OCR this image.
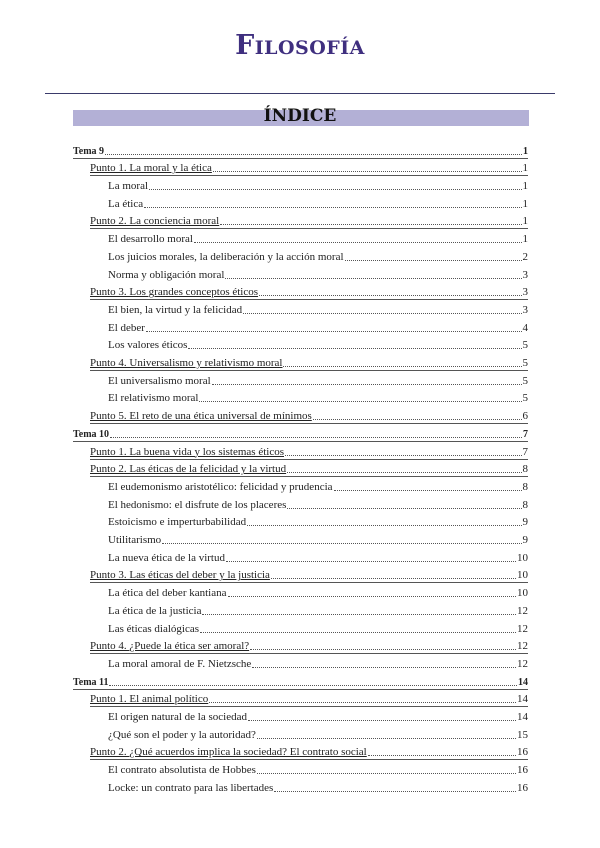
Filosofía
ÍNDICE
Tema 9	1
Punto 1. La moral y la ética	1
La moral	1
La ética	1
Punto 2. La conciencia moral	1
El desarrollo moral	1
Los juicios morales, la deliberación y la acción moral	2
Norma y obligación moral	3
Punto 3. Los grandes conceptos éticos	3
El bien, la virtud y la felicidad	3
El deber	4
Los valores éticos	5
Punto 4. Universalismo y relativismo moral	5
El universalismo moral	5
El relativismo moral	5
Punto 5. El reto de una ética universal de mínimos	6
Tema 10	7
Punto 1. La buena vida y los sistemas éticos	7
Punto 2. Las éticas de la felicidad y la virtud	8
El eudemonismo aristotélico: felicidad y prudencia	8
El hedonismo: el disfrute de los placeres	8
Estoicismo e imperturbabilidad	9
Utilitarismo	9
La nueva ética de la virtud	10
Punto 3. Las éticas del deber y la justicia	10
La ética del deber kantiana	10
La ética de la justicia	12
Las éticas dialógicas	12
Punto 4. ¿Puede la ética ser amoral?	12
La moral amoral de F. Nietzsche	12
Tema 11	14
Punto 1. El animal político	14
El origen natural de la sociedad	14
¿Qué son el poder y la autoridad?	15
Punto 2. ¿Qué acuerdos implica la sociedad? El contrato social	16
El contrato absolutista de Hobbes	16
Locke: un contrato para las libertades	16
